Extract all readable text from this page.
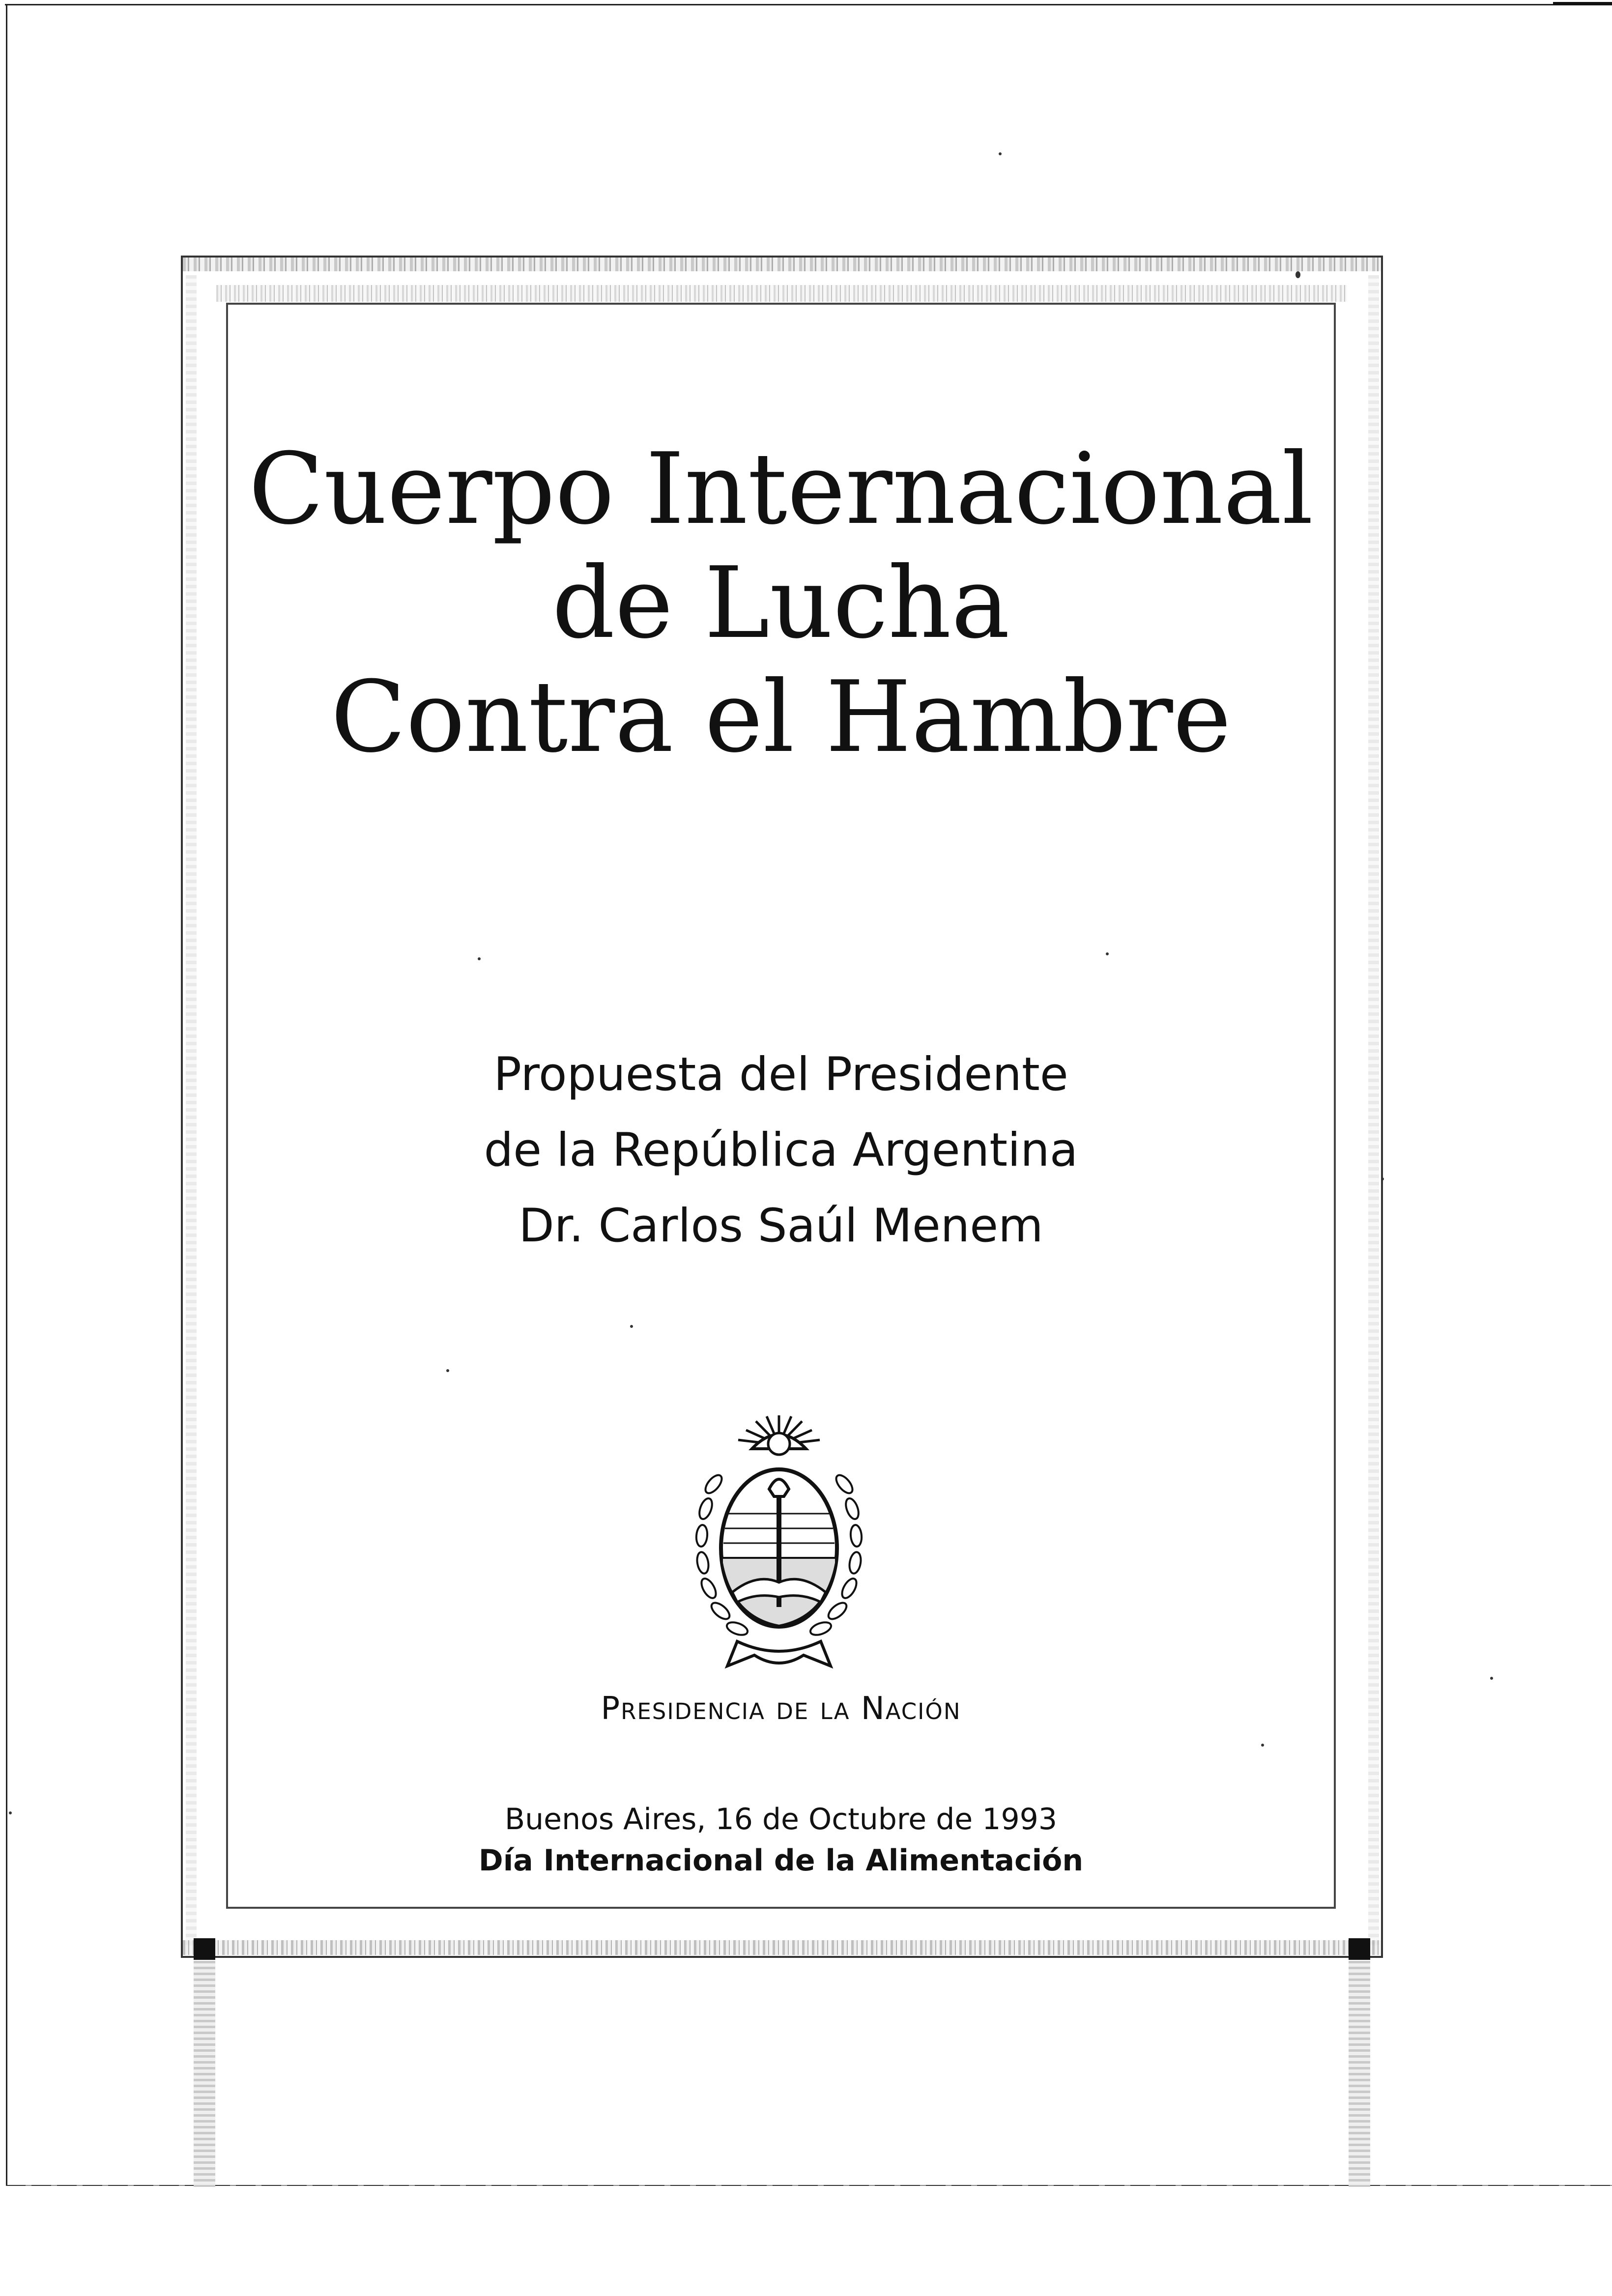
Cuerpo Internacional
de Lucha
Contra el Hambre
Propuesta del Presidente
de la República Argentina
Dr. Carlos Saúl Menem
Presidencia de la Nación
Buenos Aires, 16 de Octubre de 1993
Día Internacional de la Alimentación
